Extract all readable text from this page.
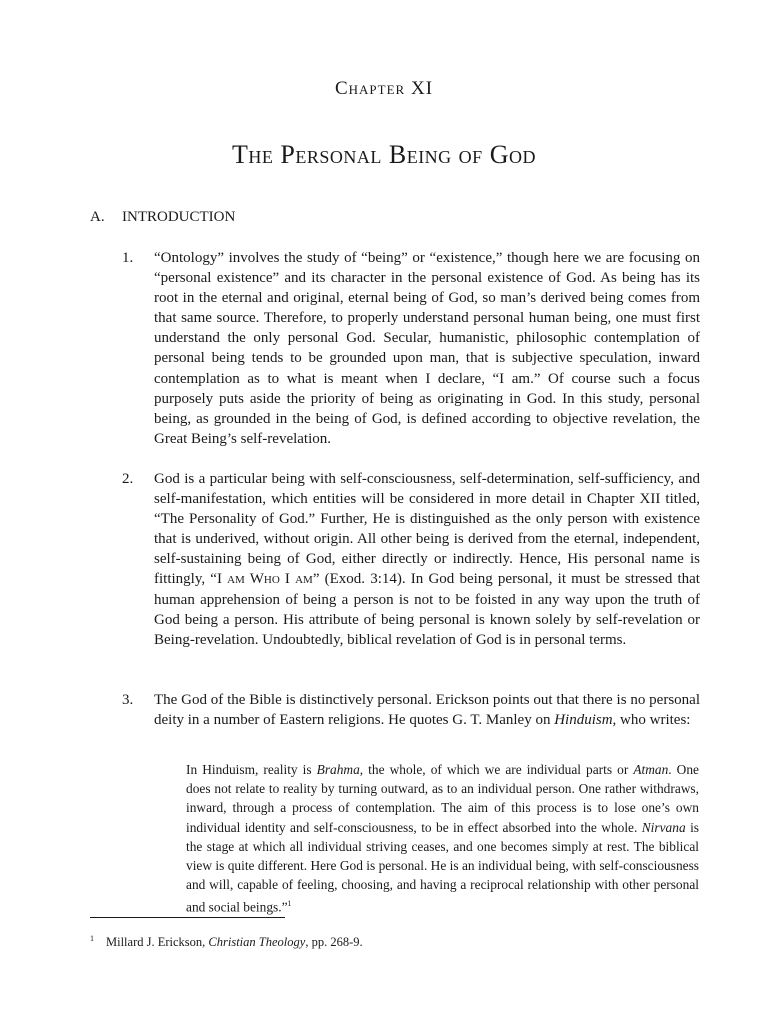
Chapter XI
The Personal Being of God
A. INTRODUCTION
1. “Ontology” involves the study of “being” or “existence,” though here we are focusing on “personal existence” and its character in the personal existence of God. As being has its root in the eternal and original, eternal being of God, so man’s derived being comes from that same source. Therefore, to properly understand personal human being, one must first understand the only personal God. Secular, humanistic, philosophic contemplation of personal being tends to be grounded upon man, that is subjective speculation, inward contemplation as to what is meant when I declare, “I am.” Of course such a focus purposely puts aside the priority of being as originating in God. In this study, personal being, as grounded in the being of God, is defined according to objective revelation, the Great Being’s self-revelation.

2. God is a particular being with self-consciousness, self-determination, self-sufficiency, and self-manifestation, which entities will be considered in more detail in Chapter XII titled, “The Personality of God.” Further, He is distinguished as the only person with existence that is underived, without origin. All other being is derived from the eternal, independent, self-sustaining being of God, either directly or indirectly. Hence, His personal name is fittingly, “I am Who I am” (Exod. 3:14). In God being personal, it must be stressed that human apprehension of being a person is not to be foisted in any way upon the truth of God being a person. His attribute of being personal is known solely by self-revelation or Being-revelation. Undoubtedly, biblical revelation of God is in personal terms.

3. The God of the Bible is distinctively personal. Erickson points out that there is no personal deity in a number of Eastern religions. He quotes G. T. Manley on Hinduism, who writes:

In Hinduism, reality is Brahma, the whole, of which we are individual parts or Atman. One does not relate to reality by turning outward, as to an individual person. One rather withdraws, inward, through a process of contemplation. The aim of this process is to lose one’s own individual identity and self-consciousness, to be in effect absorbed into the whole. Nirvana is the stage at which all individual striving ceases, and one becomes simply at rest. The biblical view is quite different. Here God is personal. He is an individual being, with self-consciousness and will, capable of feeling, choosing, and having a reciprocal relationship with other personal and social beings.”$^1$

$^1$ Millard J. Erickson, Christian Theology, pp. 268-9.
